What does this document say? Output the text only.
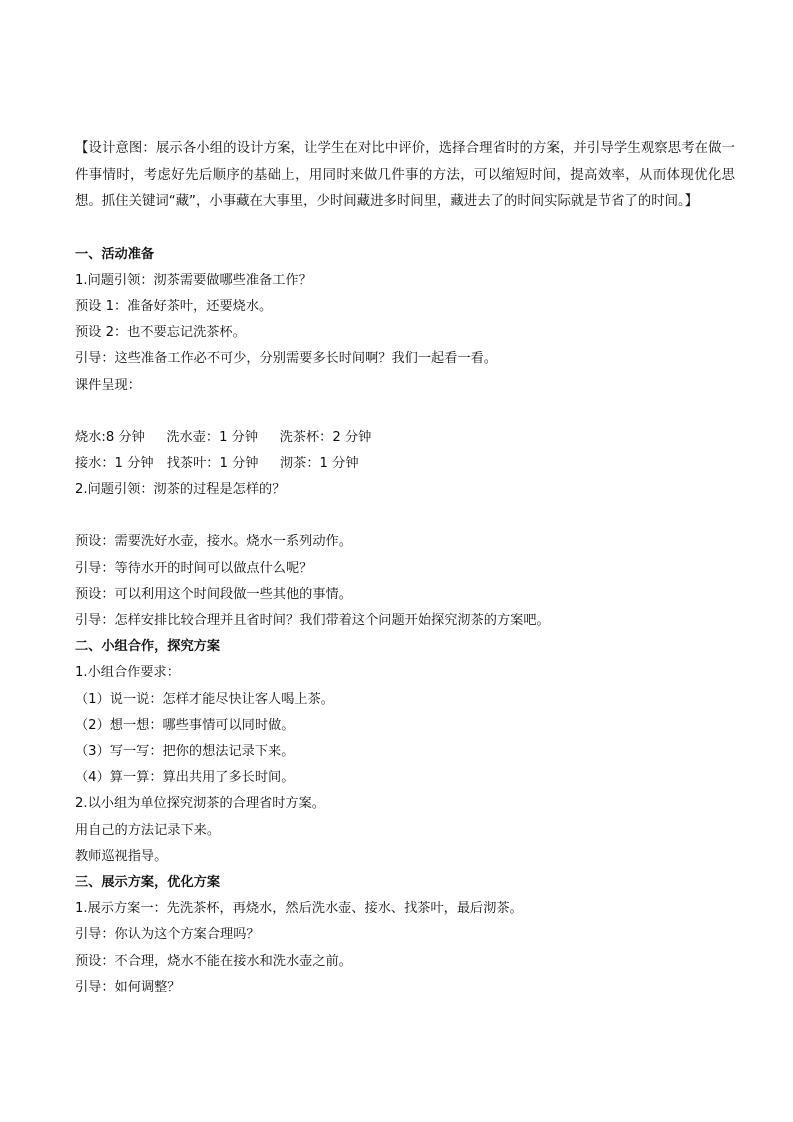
【设计意图：展示各小组的设计方案，让学生在对比中评价，选择合理省时的方案，并引导学生观察思考在做一件事情时，考虑好先后顺序的基础上，用同时来做几件事的方法，可以缩短时间，提高效率，从而体现优化思想。抓住关键词“藏”，小事藏在大事里，少时间藏进多时间里，藏进去了的时间实际就是节省了的时间。】

一、活动准备

1.问题引领：沏茶需要做哪些准备工作？

预设 1：准备好茶叶，还要烧水。

预设 2：也不要忘记洗茶杯。

引导：这些准备工作必不可少，分别需要多长时间啊？我们一起看一看。

课件呈现：

烧水:8 分钟　  洗水壶：1 分钟　  洗茶杯：2 分钟

接水：1 分钟　找茶叶：1 分钟　  沏茶：1 分钟

2.问题引领：沏茶的过程是怎样的？

预设：需要洗好水壶，接水。烧水一系列动作。

引导：等待水开的时间可以做点什么呢？

预设：可以利用这个时间段做一些其他的事情。

引导：怎样安排比较合理并且省时间？我们带着这个问题开始探究沏茶的方案吧。

二、小组合作，探究方案

1.小组合作要求：

（1）说一说：怎样才能尽快让客人喝上茶。

（2）想一想：哪些事情可以同时做。

（3）写一写：把你的想法记录下来。

（4）算一算：算出共用了多长时间。

2.以小组为单位探究沏茶的合理省时方案。

用自己的方法记录下来。

教师巡视指导。

三、展示方案，优化方案

1.展示方案一：先洗茶杯，再烧水，然后洗水壶、接水、找茶叶，最后沏茶。

引导：你认为这个方案合理吗？

预设：不合理，烧水不能在接水和洗水壶之前。

引导：如何调整？
